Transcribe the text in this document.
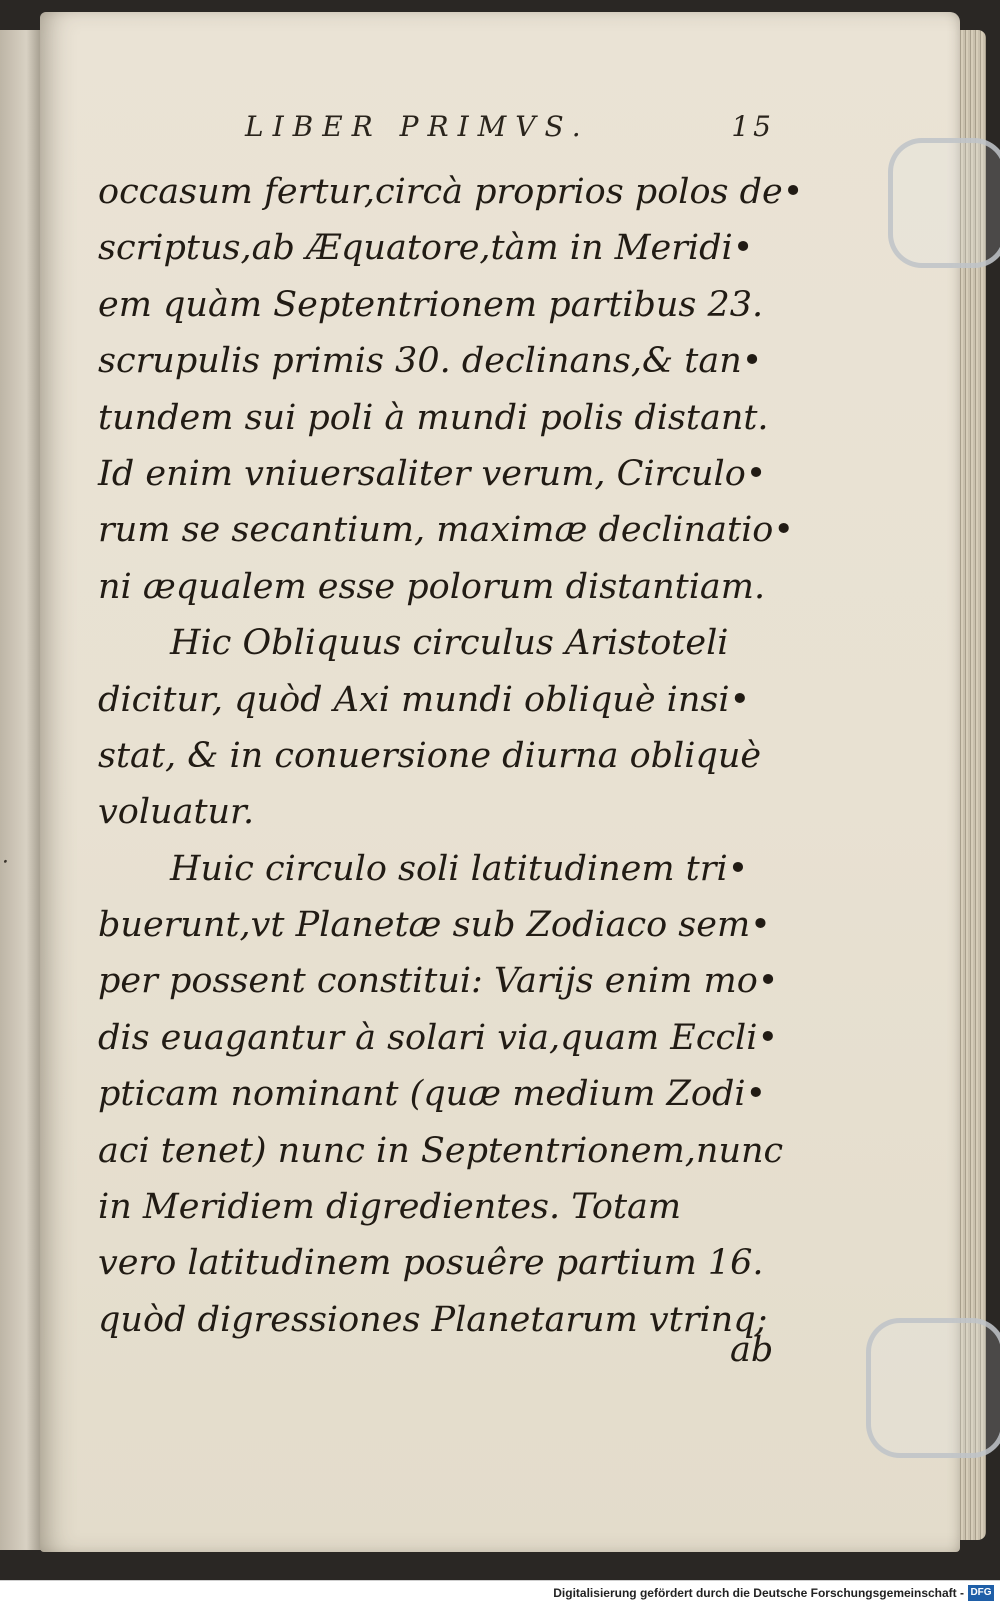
·
LIBER PRIMVS.	15
occasum fertur,circà proprios polos de•
scriptus,ab Æquatore,tàm in Meridi•
em quàm Septentrionem partibus 23.
scrupulis primis 30. declinans,& tan•
tundem sui poli à mundi polis distant.
Id enim vniuersaliter verum, Circulo•
rum se secantium, maximæ declinatio•
ni æqualem esse polorum distantiam.
Hic Obliquus circulus Aristoteli
dicitur, quòd Axi mundi obliquè insi•
stat, & in conuersione diurna obliquè
voluatur.
Huic circulo soli latitudinem tri•
buerunt,vt Planetæ sub Zodiaco sem•
per possent constitui: Varijs enim mo•
dis euagantur à solari via,quam Eccli•
pticam nominant (quæ medium Zodi•
aci tenet) nunc in Septentrionem,nunc
in Meridiem digredientes. Totam
vero latitudinem posuêre partium 16.
quòd digressiones Planetarum vtrinq;
ab
Digitalisierung gefördert durch die Deutsche Forschungsgemeinschaft - DFG
